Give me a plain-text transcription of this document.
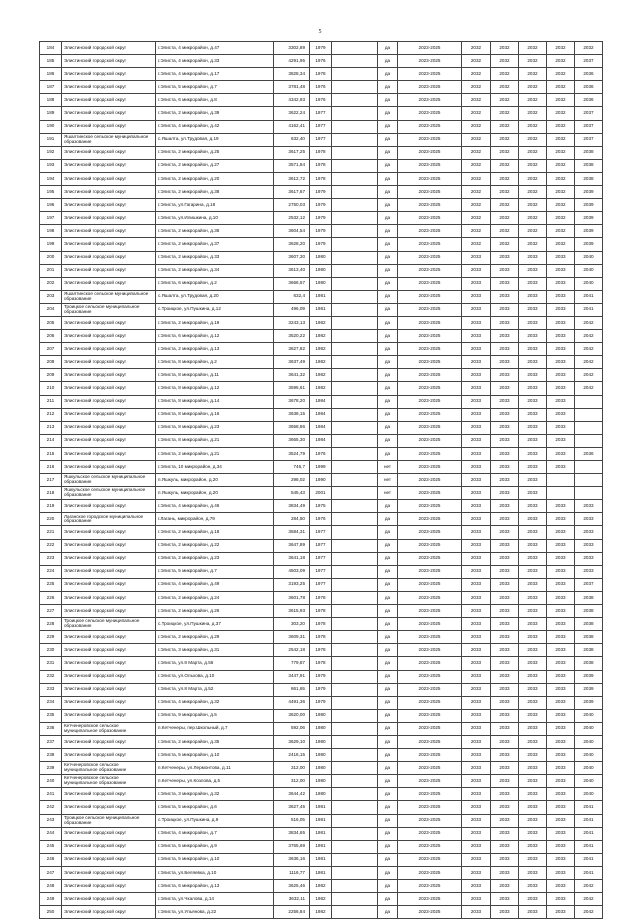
5
184	Элистинский городской округ	г.Элиста, 4 микрорайон, д.47	3302,89	1979		да	2023-2025	2032	2032	2032	2032	2032
185	Элистинский городской округ	г.Элиста, 4 микрорайон, д.33	4291,95	1976		да	2023-2025	2032	2032	2032	2032	2037
186	Элистинский городской округ	г.Элиста, 4 микрорайон, д.17	3828,34	1978		да	2023-2025	2032	2032	2032	2032	2036
187	Элистинский городской округ	г.Элиста, 5 микрорайон, д.7	3781,48	1976		да	2023-2025	2032	2032	2032	2032	2036
188	Элистинский городской округ	г.Элиста, 6 микрорайон, д.8	4342,93	1976		да	2023-2025	2032	2032	2032	2032	2036
189	Элистинский городской округ	г.Элиста, 2 микрорайон, д.39	3622,24	1977		да	2023-2025	2032	2032	2032	2032	2037
190	Элистинский городской округ	г.Элиста, 4 микрорайон, д.42	4162,41	1977		да	2023-2025	2032	2032	2032	2032	2037
191	Яшалтинское сельское муниципальное образование	с.Яшалта, ул.Трудовая, д.19	632,40	1977		да	2023-2025	2032	2032	2032	2032	2037
192	Элистинский городской округ	г.Элиста, 2 микрорайон, д.25	3617,25	1978		да	2023-2025	2032	2032	2032	2032	2038
193	Элистинский городской округ	г.Элиста, 2 микрорайон, д.27	3571,84	1978		да	2023-2025	2032	2032	2032	2032	2038
194	Элистинский городской округ	г.Элиста, 2 микрорайон, д.20	3612,72	1978		да	2023-2025	2032	2032	2032	2032	2038
195	Элистинский городской округ	г.Элиста, 2 микрорайон, д.38	3617,67	1979		да	2023-2025	2032	2032	2032	2032	2039
196	Элистинский городской округ	г.Элиста, ул.Гагарина, д.18	2750,03	1979		да	2023-2025	2032	2032	2032	2032	2039
197	Элистинский городской округ	г.Элиста, ул.Илишкина, д.10	2532,12	1979		да	2023-2025	2032	2032	2032	2032	2039
198	Элистинский городской округ	г.Элиста, 2 микрорайон, д.36	3604,54	1979		да	2023-2025	2032	2032	2032	2032	2039
199	Элистинский городской округ	г.Элиста, 2 микрорайон, д.37	3628,20	1979		да	2023-2025	2032	2032	2032	2032	2039
200	Элистинский городской округ	г.Элиста, 2 микрорайон, д.33	3607,30	1980		да	2023-2025	2033	2033	2033	2033	2040
201	Элистинский городской округ	г.Элиста, 2 микрорайон, д.34	3613,40	1980		да	2023-2025	2033	2033	2033	2033	2040
202	Элистинский городской округ	г.Элиста, 6 микрорайон, д.2	3666,57	1980		да	2023-2025	2033	2033	2033	2033	2040
203	Яшалтинское сельское муниципальное образование	с.Яшалта, ул.Трудовая, д.20	632,4	1981		да	2023-2025	2033	2033	2033	2033	2041
204	Троицкое сельское муниципальное образование	с.Троицкое, ул.Пушкина, д.12	496,09	1981		да	2023-2025	2033	2033	2033	2033	2041
205	Элистинский городской округ	г.Элиста, 2 микрорайон, д.19	3243,13	1982		да	2023-2025	2033	2033	2033	2033	2042
206	Элистинский городской округ	г.Элиста, 6 микрорайон, д.12	3520,22	1982		да	2023-2025	2033	2033	2033	2033	2042
207	Элистинский городской округ	г.Элиста, 2 микрорайон, д.13	3627,82	1982		да	2023-2025	2033	2033	2033	2033	2042
208	Элистинский городской округ	г.Элиста, 8 микрорайон, д.2	3637,49	1982		да	2023-2025	2033	2033	2033	2033	2042
209	Элистинский городской округ	г.Элиста, 8 микрорайон, д.11	3641,32	1982		да	2023-2025	2033	2033	2033	2033	2042
210	Элистинский городской округ	г.Элиста, 8 микрорайон, д.12	3595,61	1982		да	2023-2025	2033	2033	2033	2033	2042
211	Элистинский городской округ	г.Элиста, 8 микрорайон, д.14	3678,20	1984		да	2023-2025	2033	2033	2033	2033	
212	Элистинский городской округ	г.Элиста, 8 микрорайон, д.16	3638,15	1984		да	2023-2025	2033	2033	2033	2033	
213	Элистинский городской округ	г.Элиста, 8 микрорайон, д.23	3658,86	1984		да	2023-2025	2033	2033	2033	2033	
214	Элистинский городской округ	г.Элиста, 8 микрорайон, д.21	3665,30	1984		да	2023-2025	2033	2033	2033	2033	
215	Элистинский городской округ	г.Элиста, 2 микрорайон, д.21	3524,79	1976		да	2023-2025	2033	2033	2033	2033	2036
216	Элистинский городской округ	г.Элиста, 10 микрорайон, д.34	746,7	1999		нет	2023-2025	2033	2033	2033	2033	
217	Яшкульское сельское муниципальное образование	п.Яшкуль, микрорайон, д.20	298,02	1990		нет	2023-2025	2033	2033	2033		
218	Яшкульское сельское муниципальное образование	п.Яшкуль, микрорайон, д.20	545,43	2001		нет	2023-2025	2033	2033	2033		
219	Элистинский городской округ	г.Элиста, 4 микрорайон, д.46	3834,49	1975		да	2023-2025	2033	2033	2033	2033	2033
220	Лаганское городское муниципальное образование	г.Лагань, микрорайон, д.79	284,50	1976		да	2023-2025	2033	2033	2033	2033	2033
221	Элистинский городской округ	г.Элиста, 2 микрорайон, д.18	3584,31	1977		да	2023-2025	2033	2033	2033	2033	2033
222	Элистинский городской округ	г.Элиста, 2 микрорайон, д.22	3647,89	1977		да	2023-2025	2033	2033	2033	2033	2033
223	Элистинский городской округ	г.Элиста, 2 микрорайон, д.23	3641,18	1977		да	2023-2025	2033	2033	2033	2033	2033
224	Элистинский городской округ	г.Элиста, 5 микрорайон, д.7	4503,09	1977		да	2023-2025	2033	2033	2033	2033	2033
225	Элистинский городской округ	г.Элиста, 4 микрорайон, д.49	3193,25	1977		да	2023-2025	2033	2033	2033	2033	2037
226	Элистинский городской округ	г.Элиста, 2 микрорайон, д.24	3601,78	1978		да	2023-2025	2033	2033	2033	2033	2038
227	Элистинский городской округ	г.Элиста, 2 микрорайон, д.26	3615,93	1978		да	2023-2025	2033	2033	2033	2033	2038
228	Троицкое сельское муниципальное образование	с.Троицкое, ул.Пушкина, д.37	303,20	1978		да	2023-2025	2033	2033	2033	2033	2038
229	Элистинский городской округ	г.Элиста, 2 микрорайон, д.29	3609,31	1978		да	2023-2025	2033	2033	2033	2033	2038
230	Элистинский городской округ	г.Элиста, 3 микрорайон, д.31	2542,18	1978		да	2023-2025	2033	2033	2033	2033	2038
231	Элистинский городской округ	г.Элиста, ул.8 Марта, д.56	779,87	1978		да	2023-2025	2033	2033	2033	2033	2038
232	Элистинский городской округ	г.Элиста, ул.Ольхова, д.10	3447,91	1979		да	2023-2025	2033	2033	2033	2033	2039
233	Элистинский городской округ	г.Элиста, ул.8 Марта, д.52	861,65	1979		да	2023-2025	2033	2033	2033	2033	2039
234	Элистинский городской округ	г.Элиста, 4 микрорайон, д.32	4491,36	1979		да	2023-2025	2033	2033	2033	2033	2039
235	Элистинский городской округ	г.Элиста, 9 микрорайон, д.5	3620,00	1980		да	2023-2025	2033	2033	2033	2033	2040
236	Кетченеровское сельское муниципальное образование	п.Кетченеры, пер.Школьный, д.7	592,06	1980		да	2023-2025	2033	2033	2033	2033	2040
237	Элистинский городской округ	г.Элиста, 2 микрорайон, д.35	3629,10	1980		да	2023-2025	2033	2033	2033	2033	2040
238	Элистинский городской округ	г.Элиста, 5 микрорайон, д.10	2416,15	1980		да	2023-2025	2033	2033	2033	2033	2040
239	Кетченеровское сельское муниципальное образование	п.Кетченеры, ул.Лермонтова, д.11	312,00	1980		да	2023-2025	2033	2033	2033	2033	2040
240	Кетченеровское сельское муниципальное образование	п.Кетченеры, ул.Козлова, д.5	312,00	1980		да	2023-2025	2033	2033	2033	2033	2040
241	Элистинский городской округ	г.Элиста, 3 микрорайон, д.32	3644,42	1980		да	2023-2025	2033	2033	2033	2033	2040
242	Элистинский городской округ	г.Элиста, 5 микрорайон, д.6	3627,45	1981		да	2023-2025	2033	2033	2033	2033	2041
243	Троицкое сельское муниципальное образование	с.Троицкое, ул.Пушкина, д.9	516,05	1981		да	2023-2025	2033	2033	2033	2033	2041
244	Элистинский городской округ	г.Элиста, 4 микрорайон, д.7	3834,65	1981		да	2023-2025	2033	2033	2033	2033	2041
245	Элистинский городской округ	г.Элиста, 5 микрорайон, д.9	3765,69	1981		да	2023-2025	2033	2033	2033	2033	2041
246	Элистинский городской округ	г.Элиста, 5 микрорайон, д.10	3636,16	1981		да	2023-2025	2033	2033	2033	2033	2041
247	Элистинский городской округ	г.Элиста, ул.Беляевка, д.10	1116,77	1981		да	2023-2025	2033	2033	2033	2033	2041
248	Элистинский городской округ	г.Элиста, 6 микрорайон, д.13	3625,46	1982		да	2023-2025	2033	2033	2033	2033	2042
249	Элистинский городской округ	г.Элиста, ул.Чкалова, д.14	3632,11	1982		да	2023-2025	2033	2033	2033	2033	2042
250	Элистинский городской округ	г.Элиста, ул.Ульянова, д.22	2256,84	1982		да	2023-2025	2033	2033	2033	2033	2042
